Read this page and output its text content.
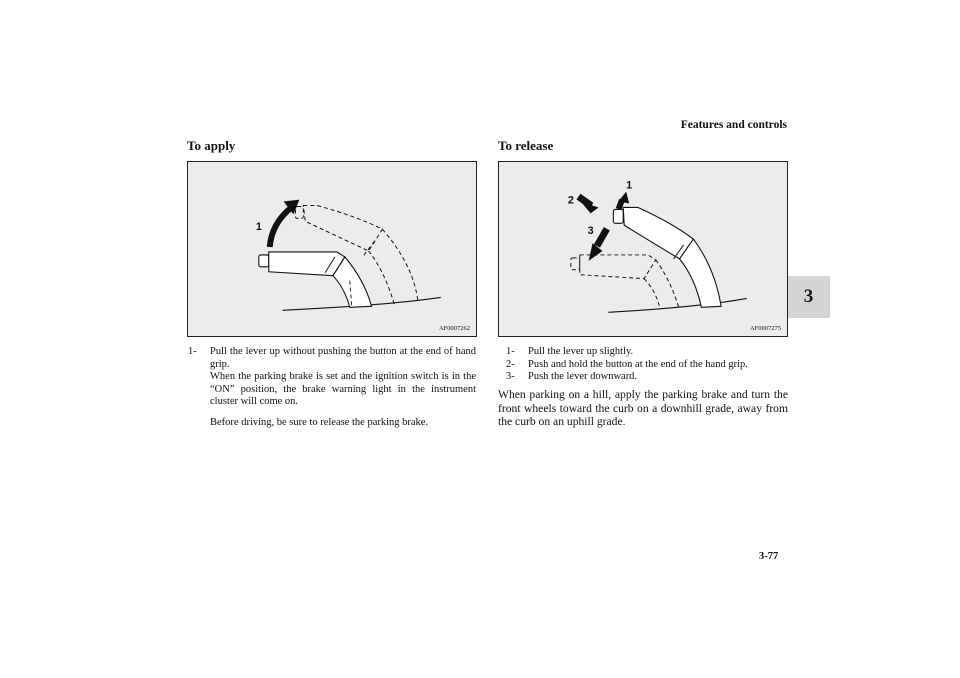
Features and controls
3
To apply	To release
1
AF0007262
1
2
3
AF0007275
1-	Pull the lever up without pushing the button at the end of hand grip.
When the parking brake is set and the ignition switch is in the “ON” position, the brake warning light in the instrument cluster will come on.
Before driving, be sure to release the parking brake.
1-	Pull the lever up slightly.
2-	Push and hold the button at the end of the hand grip.
3-	Push the lever downward.

When parking on a hill, apply the parking brake and turn the front wheels toward the curb on a downhill grade, away from the curb on an uphill grade.

3-77
